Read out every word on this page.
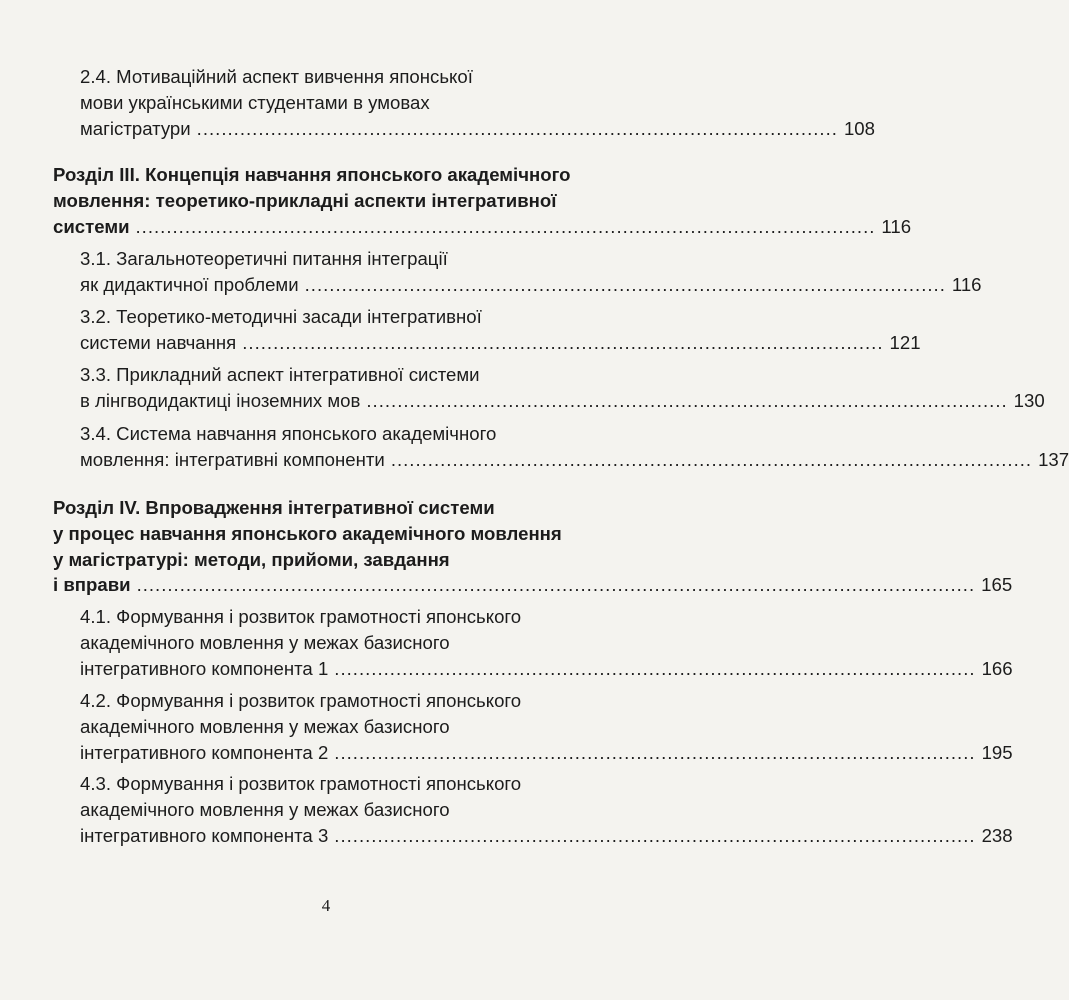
2.4. Мотиваційний аспект вивчення японської
мови українськими студентами в умовах
магістратури ........................................................................................................ 108
Розділ III. Концепція навчання японського академічного
мовлення: теоретико-прикладні аспекти інтегративної
системи ........................................................................................................................ 116
3.1. Загальнотеоретичні питання інтеграції
як дидактичної проблеми ........................................................................................................ 116
3.2. Теоретико-методичні засади інтегративної
системи навчання ........................................................................................................ 121
3.3. Прикладний аспект інтегративної системи
в лінгводидактиці іноземних мов ........................................................................................................ 130
3.4. Система навчання японського академічного
мовлення: інтегративні компоненти ........................................................................................................ 137
Розділ IV. Впровадження інтегративної системи
у процес навчання японського академічного мовлення
у магістратурі: методи, прийоми, завдання
і вправи ........................................................................................................................................ 165
4.1. Формування і розвиток грамотності японського
академічного мовлення у межах базисного
інтегративного компонента 1 ........................................................................................................ 166
4.2. Формування і розвиток грамотності японського
академічного мовлення у межах базисного
інтегративного компонента 2 ........................................................................................................ 195
4.3. Формування і розвиток грамотності японського
академічного мовлення у межах базисного
інтегративного компонента 3 ........................................................................................................ 238
4
